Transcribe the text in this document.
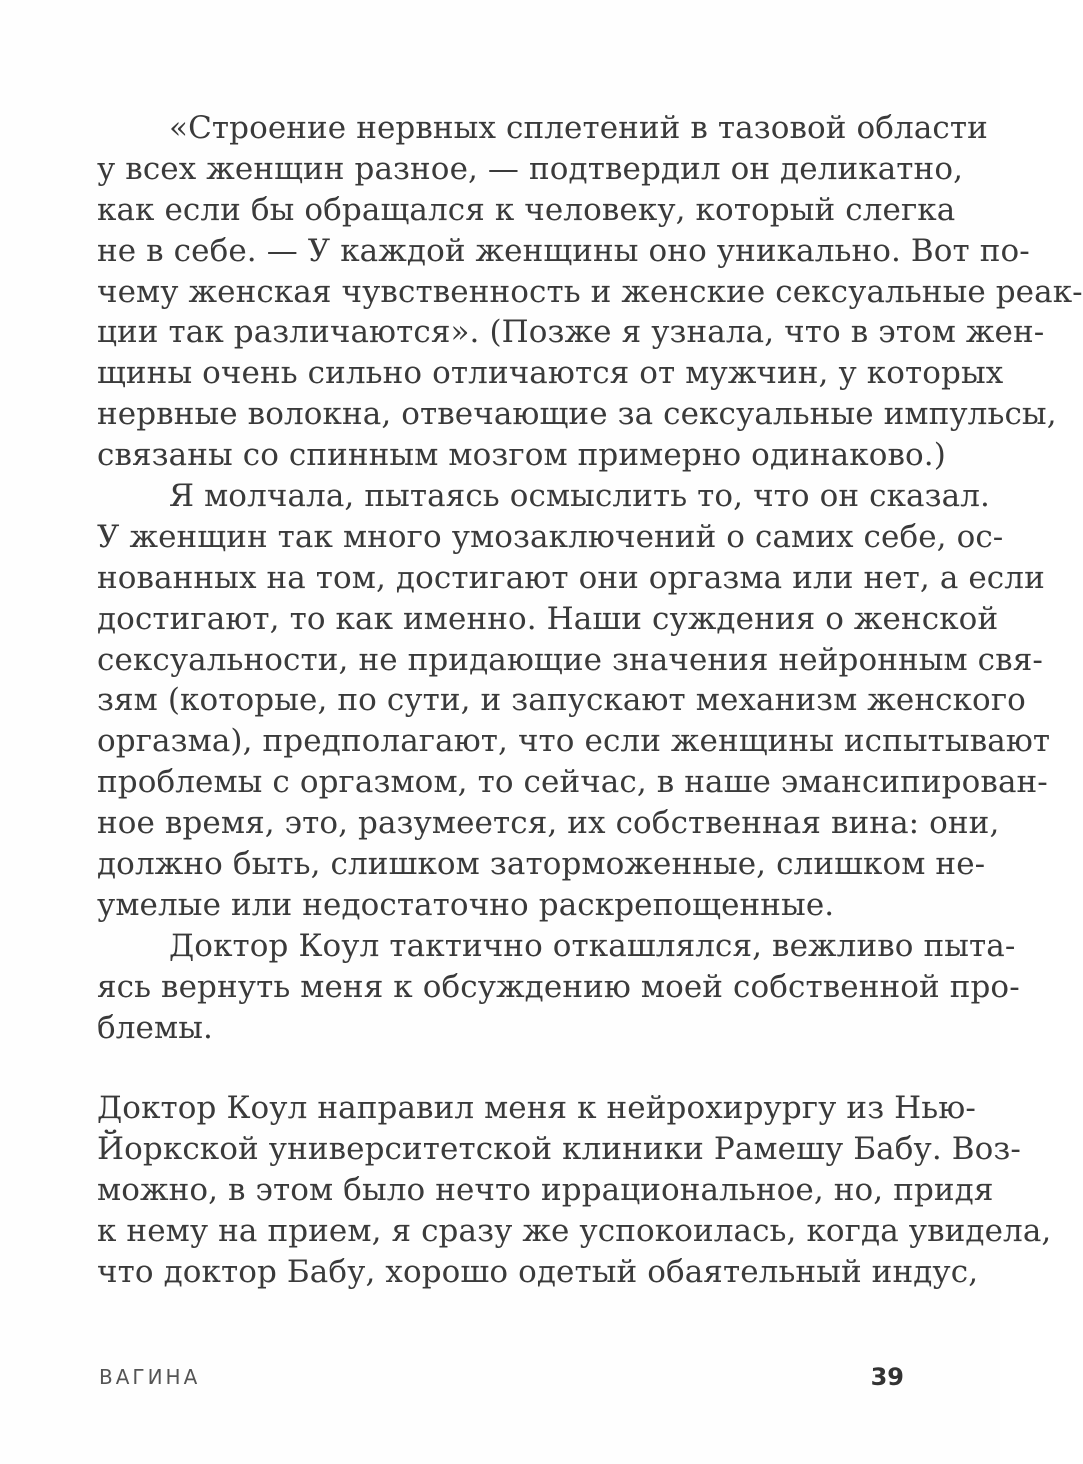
«Строение нервных сплетений в тазовой области
у всех женщин разное, — подтвердил он деликатно,
как если бы обращался к человеку, который слегка
не в себе. — У каждой женщины оно уникально. Вот по-
чему женская чувственность и женские сексуальные реак-
ции так различаются». (Позже я узнала, что в этом жен-
щины очень сильно отличаются от мужчин, у которых
нервные волокна, отвечающие за сексуальные импульсы,
связаны со спинным мозгом примерно одинаково.)
Я молчала, пытаясь осмыслить то, что он сказал.
У женщин так много умозаключений о самих себе, ос-
нованных на том, достигают они оргазма или нет, а если
достигают, то как именно. Наши суждения о женской
сексуальности, не придающие значения нейронным свя-
зям (которые, по сути, и запускают механизм женского
оргазма), предполагают, что если женщины испытывают
проблемы с оргазмом, то сейчас, в наше эмансипирован-
ное время, это, разумеется, их собственная вина: они,
должно быть, слишком заторможенные, слишком не-
умелые или недостаточно раскрепощенные.
Доктор Коул тактично откашлялся, вежливо пыта-
ясь вернуть меня к обсуждению моей собственной про-
блемы.
Доктор Коул направил меня к нейрохирургу из Нью-
Йоркской университетской клиники Рамешу Бабу. Воз-
можно, в этом было нечто иррациональное, но, придя
к нему на прием, я сразу же успокоилась, когда увидела,
что доктор Бабу, хорошо одетый обаятельный индус,
ВАГИНА	39
